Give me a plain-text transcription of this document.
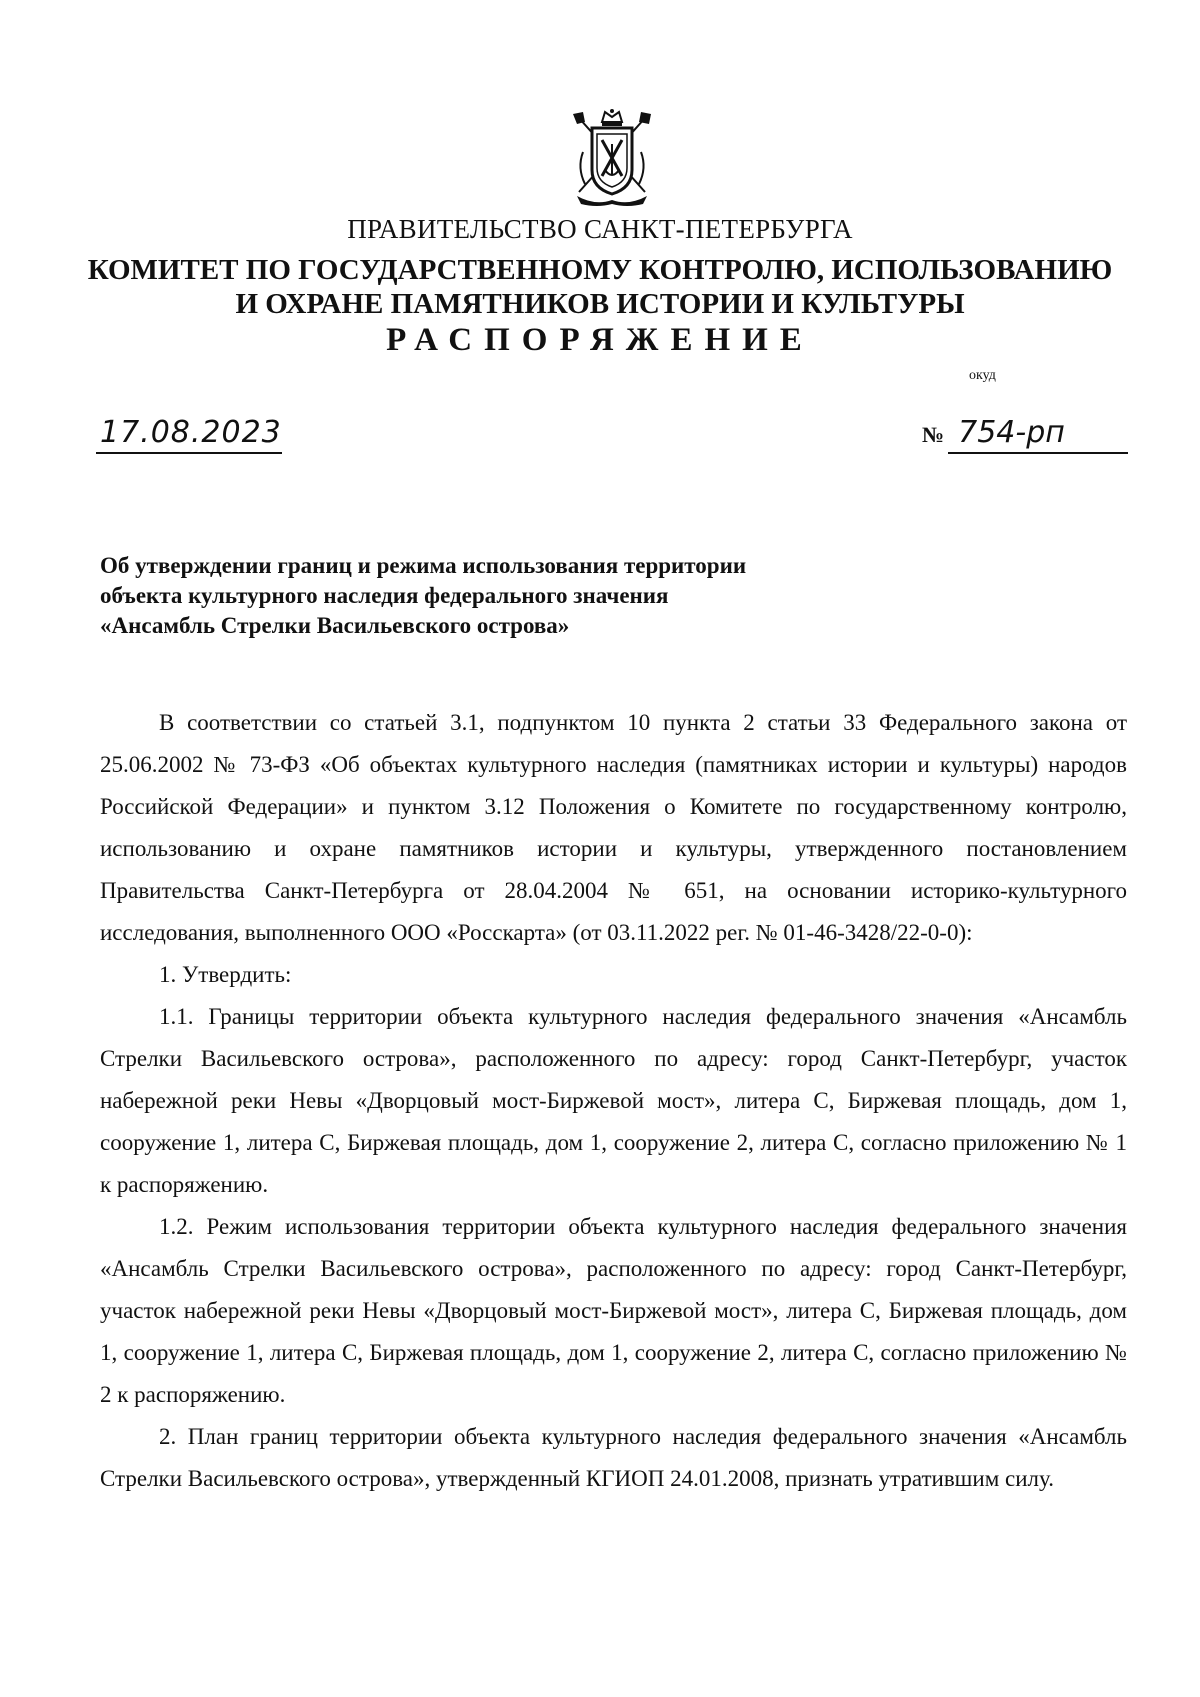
ПРАВИТЕЛЬСТВО САНКТ-ПЕТЕРБУРГА
КОМИТЕТ ПО ГОСУДАРСТВЕННОМУ КОНТРОЛЮ, ИСПОЛЬЗОВАНИЮ
И ОХРАНЕ ПАМЯТНИКОВ ИСТОРИИ И КУЛЬТУРЫ
РАСПОРЯЖЕНИЕ
окуд
17.08.2023	№ 754-рп
Об утверждении границ и режима использования территории
объекта культурного наследия федерального значения
«Ансамбль Стрелки Васильевского острова»

В соответствии со статьей 3.1, подпунктом 10 пункта 2 статьи 33 Федерального закона от 25.06.2002 № 73-ФЗ «Об объектах культурного наследия (памятниках истории и культуры) народов Российской Федерации» и пунктом 3.12 Положения о Комитете по государственному контролю, использованию и охране памятников истории и культуры, утвержденного постановлением Правительства Санкт-Петербурга от 28.04.2004 № 651, на основании историко-культурного исследования, выполненного ООО «Росскарта» (от 03.11.2022 рег. № 01-46-3428/22-0-0):

1. Утвердить:

1.1. Границы территории объекта культурного наследия федерального значения «Ансамбль Стрелки Васильевского острова», расположенного по адресу: город Санкт-Петербург, участок набережной реки Невы «Дворцовый мост-Биржевой мост», литера С, Биржевая площадь, дом 1, сооружение 1, литера С, Биржевая площадь, дом 1, сооружение 2, литера С, согласно приложению № 1 к распоряжению.

1.2. Режим использования территории объекта культурного наследия федерального значения «Ансамбль Стрелки Васильевского острова», расположенного по адресу: город Санкт-Петербург, участок набережной реки Невы «Дворцовый мост-Биржевой мост», литера С, Биржевая площадь, дом 1, сооружение 1, литера С, Биржевая площадь, дом 1, сооружение 2, литера С, согласно приложению № 2 к распоряжению.

2. План границ территории объекта культурного наследия федерального значения «Ансамбль Стрелки Васильевского острова», утвержденный КГИОП 24.01.2008, признать утратившим силу.
